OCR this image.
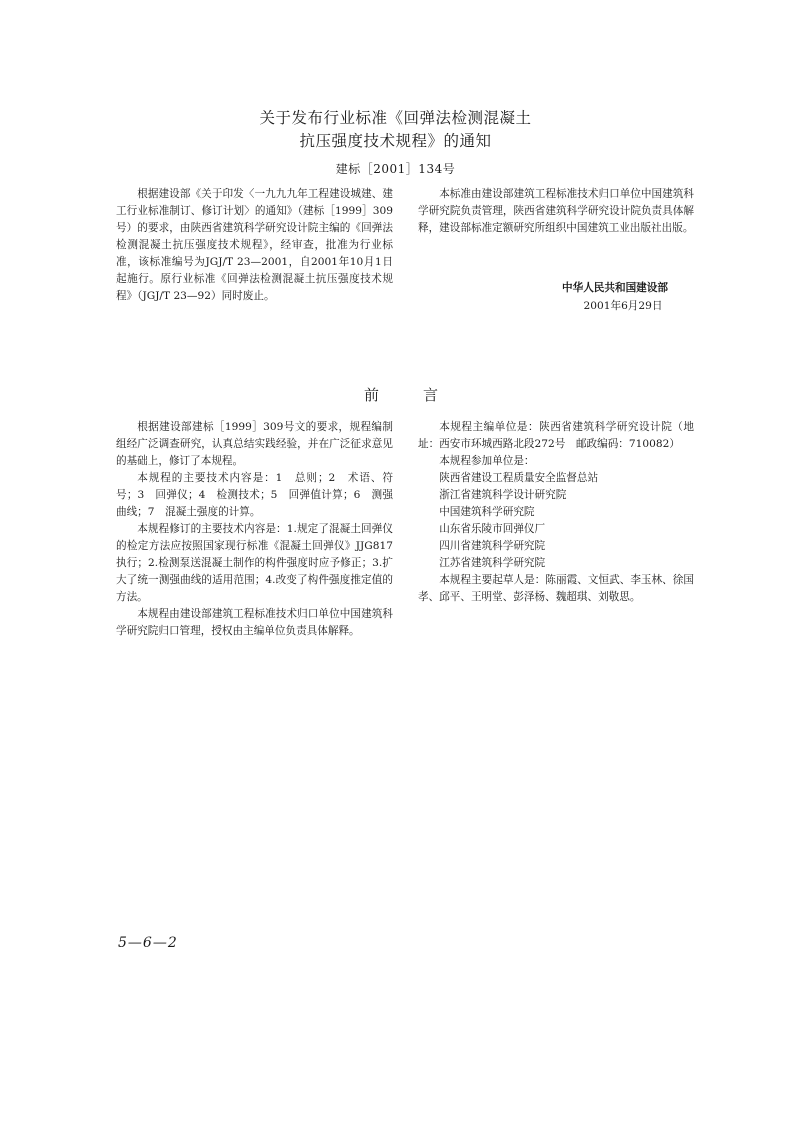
关于发布行业标准《回弹法检测混凝土
抗压强度技术规程》的通知
建标［2001］134号

根据建设部《关于印发〈一九九九年工程建设城建、建工行业标准制订、修订计划〉的通知》（建标［1999］309号）的要求，由陕西省建筑科学研究设计院主编的《回弹法检测混凝土抗压强度技术规程》，经审查，批准为行业标准，该标准编号为JGJ/T 23—2001，自2001年10月1日起施行。原行业标准《回弹法检测混凝土抗压强度技术规程》（JGJ/T 23—92）同时废止。

本标准由建设部建筑工程标准技术归口单位中国建筑科学研究院负责管理，陕西省建筑科学研究设计院负责具体解释，建设部标准定额研究所组织中国建筑工业出版社出版。

中华人民共和国建设部
2001年6月29日
前	言

根据建设部建标［1999］309号文的要求，规程编制组经广泛调查研究，认真总结实践经验，并在广泛征求意见的基础上，修订了本规程。

本规程的主要技术内容是：1　总则；2　术语、符号；3　回弹仪；4　检测技术；5　回弹值计算；6　测强曲线；7　混凝土强度的计算。

本规程修订的主要技术内容是：1.规定了混凝土回弹仪的检定方法应按照国家现行标准《混凝土回弹仪》JJG817执行；2.检测泵送混凝土制作的构件强度时应予修正；3.扩大了统一测强曲线的适用范围；4.改变了构件强度推定值的方法。

本规程由建设部建筑工程标准技术归口单位中国建筑科学研究院归口管理，授权由主编单位负责具体解释。

本规程主编单位是：陕西省建筑科学研究设计院（地址：西安市环城西路北段272号　邮政编码：710082）

本规程参加单位是：

陕西省建设工程质量安全监督总站
浙江省建筑科学设计研究院
中国建筑科学研究院
山东省乐陵市回弹仪厂
四川省建筑科学研究院
江苏省建筑科学研究院

本规程主要起草人是：陈丽霞、文恒武、李玉林、徐国孝、邱平、王明堂、彭泽杨、魏超琪、刘敬思。

5—6—2
